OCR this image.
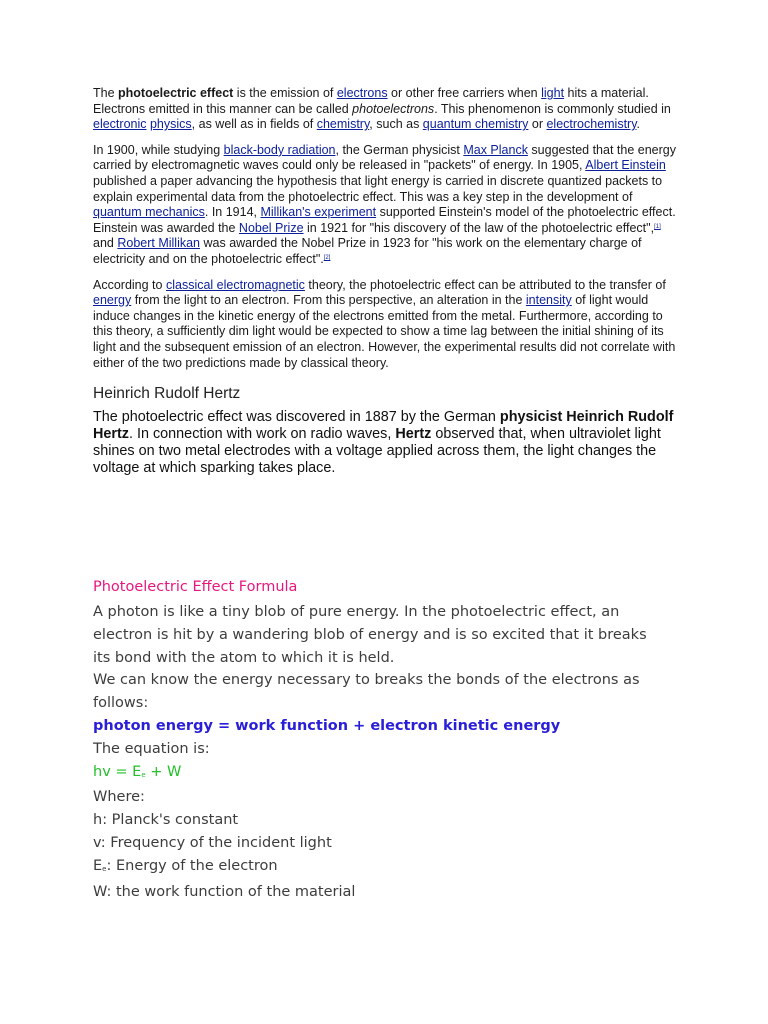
The photoelectric effect is the emission of electrons or other free carriers when light hits a material. Electrons emitted in this manner can be called photoelectrons. This phenomenon is commonly studied in electronic physics, as well as in fields of chemistry, such as quantum chemistry or electrochemistry.

In 1900, while studying black-body radiation, the German physicist Max Planck suggested that the energy carried by electromagnetic waves could only be released in "packets" of energy. In 1905, Albert Einstein published a paper advancing the hypothesis that light energy is carried in discrete quantized packets to explain experimental data from the photoelectric effect. This was a key step in the development of quantum mechanics. In 1914, Millikan's experiment supported Einstein's model of the photoelectric effect. Einstein was awarded the Nobel Prize in 1921 for "his discovery of the law of the photoelectric effect",[1] and Robert Millikan was awarded the Nobel Prize in 1923 for "his work on the elementary charge of electricity and on the photoelectric effect".[2]

According to classical electromagnetic theory, the photoelectric effect can be attributed to the transfer of energy from the light to an electron. From this perspective, an alteration in the intensity of light would induce changes in the kinetic energy of the electrons emitted from the metal. Furthermore, according to this theory, a sufficiently dim light would be expected to show a time lag between the initial shining of its light and the subsequent emission of an electron. However, the experimental results did not correlate with either of the two predictions made by classical theory.

Heinrich Rudolf Hertz

The photoelectric effect was discovered in 1887 by the German physicist Heinrich Rudolf Hertz. In connection with work on radio waves, Hertz observed that, when ultraviolet light shines on two metal electrodes with a voltage applied across them, the light changes the voltage at which sparking takes place.

Photoelectric Effect Formula

A photon is like a tiny blob of pure energy. In the photoelectric effect, an

electron is hit by a wandering blob of energy and is so excited that it breaks

its bond with the atom to which it is held.

We can know the energy necessary to breaks the bonds of the electrons as

follows:

photon energy = work function + electron kinetic energy

The equation is:

hv = Ee + W

Where:

h: Planck's constant

v: Frequency of the incident light

Ee: Energy of the electron

W: the work function of the material
